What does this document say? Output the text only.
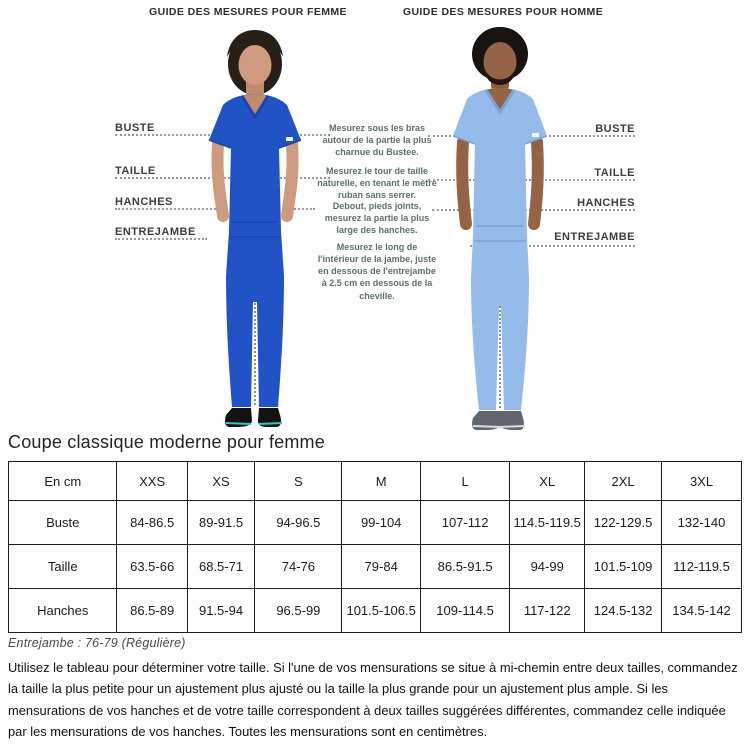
GUIDE DES MESURES POUR FEMME	GUIDE DES MESURES POUR HOMME
BUSTE
TAILLE
HANCHES
ENTREJAMBE
BUSTE
TAILLE
HANCHES
ENTREJAMBE
Mesurez sous les bras autour de la partie la plus charnue du Bustee.
Mesurez le tour de taille naturelle, en tenant le mètre ruban sans serrer.
Debout, pieds joints, mesurez la partie la plus large des hanches.
Mesurez le long de l'intérieur de la jambe, juste en dessous de l'entrejambe à 2.5 cm en dessous de la cheville.
Coupe classique moderne pour femme
En cm	XXS	XS	S	M	L	XL	2XL	3XL
Buste	84-86.5	89-91.5	94-96.5	99-104	107-112	114.5-119.5	122-129.5	132-140
Taille	63.5-66	68.5-71	74-76	79-84	86.5-91.5	94-99	101.5-109	112-119.5
Hanches	86.5-89	91.5-94	96.5-99	101.5-106.5	109-114.5	117-122	124.5-132	134.5-142
Entrejambe : 76-79 (Régulière)
Utilisez le tableau pour déterminer votre taille. Si l'une de vos mensurations se situe à mi-chemin entre deux tailles, commandez la taille la plus petite pour un ajustement plus ajusté ou la taille la plus grande pour un ajustement plus ample. Si les mensurations de vos hanches et de votre taille correspondent à deux tailles suggérées différentes, commandez celle indiquée par les mensurations de vos hanches. Toutes les mensurations sont en centimètres.
